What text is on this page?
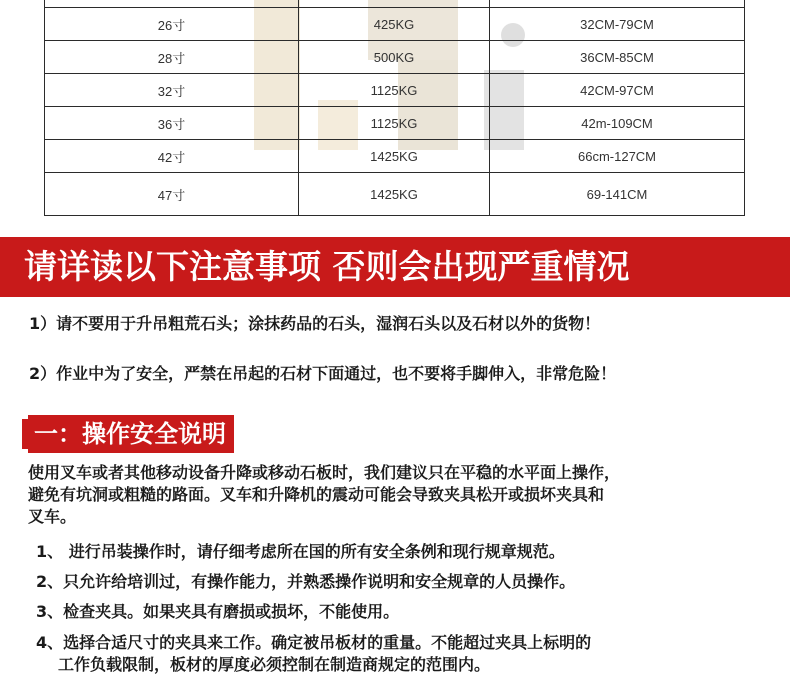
26寸	425KG	32CM-79CM
28寸	500KG	36CM-85CM
32寸	1125KG	42CM-97CM
36寸	1125KG	42m-109CM
42寸	1425KG	66cm-127CM
47寸	1425KG	69-141CM
请详读以下注意事项 否则会出现严重情况
1）请不要用于升吊粗荒石头；涂抹药品的石头，湿润石头以及石材以外的货物！
2）作业中为了安全，严禁在吊起的石材下面通过，也不要将手脚伸入，非常危险！
一：操作安全说明
使用叉车或者其他移动设备升降或移动石板时，我们建议只在平稳的水平面上操作，
避免有坑洞或粗糙的路面。叉车和升降机的震动可能会导致夹具松开或损坏夹具和
叉车。
1、 进行吊装操作时，请仔细考虑所在国的所有安全条例和现行规章规范。
2、只允许给培训过，有操作能力，并熟悉操作说明和安全规章的人员操作。
3、检查夹具。如果夹具有磨损或损坏，不能使用。
4、选择合适尺寸的夹具来工作。确定被吊板材的重量。不能超过夹具上标明的
工作负载限制，板材的厚度必须控制在制造商规定的范围内。
